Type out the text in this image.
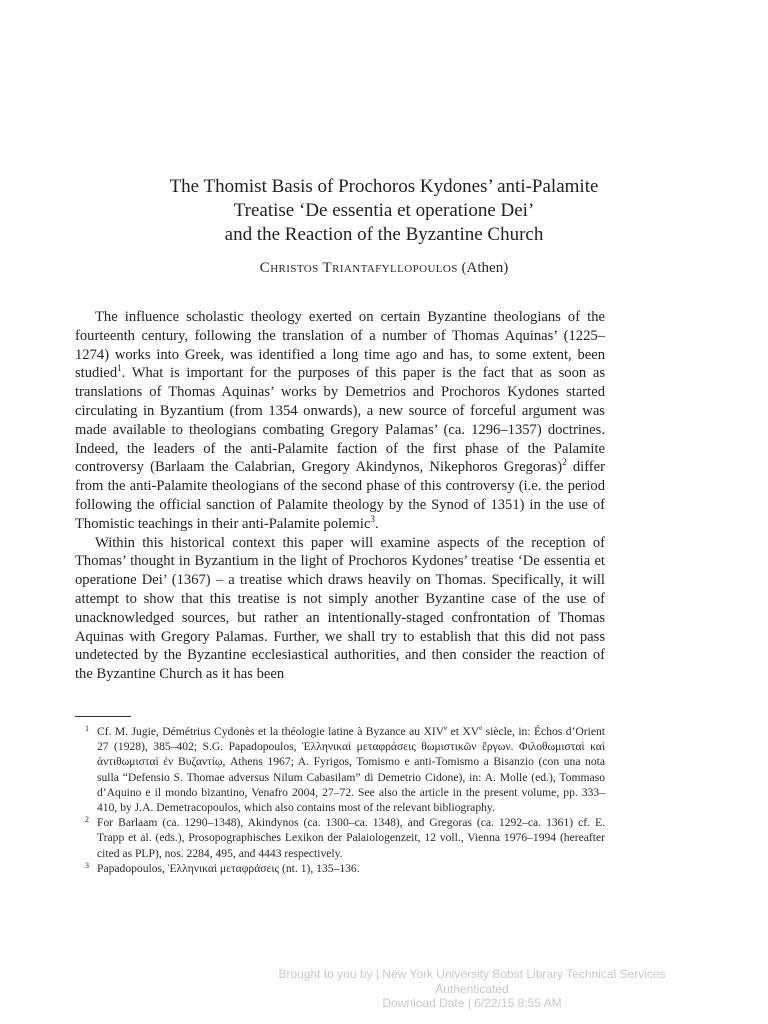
The Thomist Basis of Prochoros Kydones’ anti-Palamite
Treatise ‘De essentia et operatione Dei’
and the Reaction of the Byzantine Church
Christos Triantafyllopoulos (Athen)

The influence scholastic theology exerted on certain Byzantine theologians of the fourteenth century, following the translation of a number of Thomas Aquinas’ (1225–1274) works into Greek, was identified a long time ago and has, to some extent, been studied$^1$. What is important for the purposes of this paper is the fact that as soon as translations of Thomas Aquinas’ works by Demetrios and Prochoros Kydones started circulating in Byzantium (from 1354 onwards), a new source of forceful argument was made available to theologians combating Gregory Palamas’ (ca. 1296–1357) doctrines. Indeed, the leaders of the anti-Palamite faction of the first phase of the Palamite controversy (Barlaam the Calabrian, Gregory Akindynos, Nikephoros Gregoras)$^2$ differ from the anti-Palamite theologians of the second phase of this controversy (i.e. the period following the official sanction of Palamite theology by the Synod of 1351) in the use of Thomistic teachings in their anti-Palamite polemic$^3$.

Within this historical context this paper will examine aspects of the reception of Thomas’ thought in Byzantium in the light of Prochoros Kydones’ treatise ‘De essentia et operatione Dei’ (1367) – a treatise which draws heavily on Thomas. Specifically, it will attempt to show that this treatise is not simply another Byzantine case of the use of unacknowledged sources, but rather an intentionally-staged confrontation of Thomas Aquinas with Gregory Palamas. Further, we shall try to establish that this did not pass undetected by the Byzantine ecclesiastical authorities, and then consider the reaction of the Byzantine Church as it has been

1 Cf. M. Jugie, Démétrius Cydonès et la théologie latine à Byzance au XIVe et XVe siècle, in: Échos d’Orient 27 (1928), 385–402; S.G. Papadopoulos, Ἑλληνικαὶ μεταφράσεις θωμιστικῶν ἔργων. Φιλοθωμισταὶ καὶ ἀντιθωμισταὶ ἐν Βυζαντίῳ, Athens 1967; A. Fyrigos, Tomismo e anti-Tomismo a Bisanzio (con una nota sulla “Defensio S. Thomae adversus Nilum Cabasilam” di Demetrio Cidone), in: A. Molle (ed.), Tommaso d’Aquino e il mondo bizantino, Venafro 2004, 27–72. See also the article in the present volume, pp. 333–410, by J.A. Demetracopoulos, which also contains most of the relevant bibliography.

2 For Barlaam (ca. 1290–1348), Akindynos (ca. 1300–ca. 1348), and Gregoras (ca. 1292–ca. 1361) cf. E. Trapp et al. (eds.), Prosopographisches Lexikon der Palaiologenzeit, 12 voll., Vienna 1976–1994 (hereafter cited as PLP), nos. 2284, 495, and 4443 respectively.

3 Papadopoulos, Ἑλληνικαὶ μεταφράσεις (nt. 1), 135–136.

Brought to you by | New York University Bobst Library Technical Services
Authenticated
Download Date | 6/22/15 8:55 AM
